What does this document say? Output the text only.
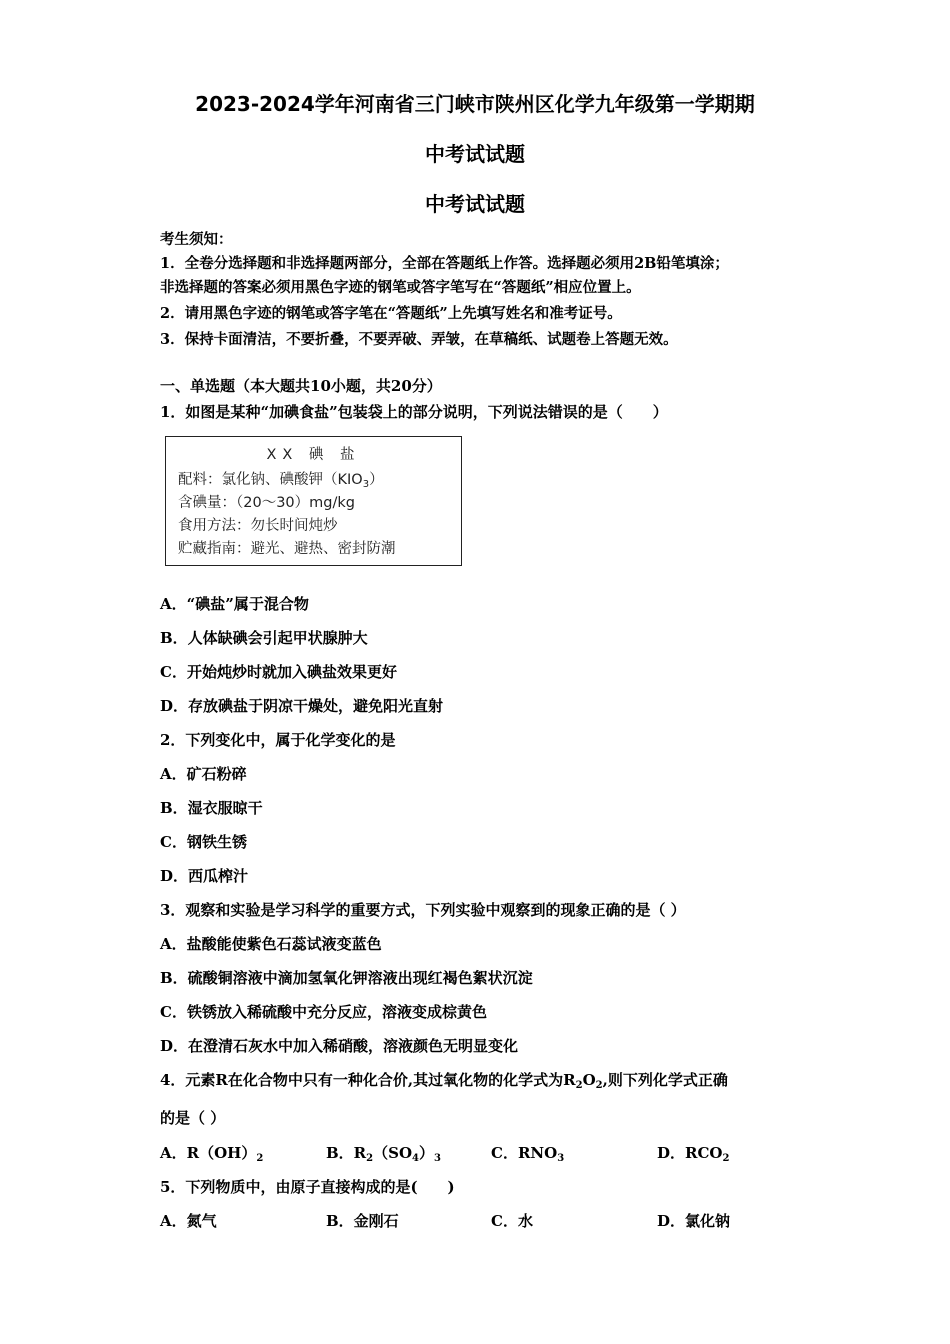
2023-2024学年河南省三门峡市陕州区化学九年级第一学期期
中考试试题
中考试试题
考生须知：
1．全卷分选择题和非选择题两部分，全部在答题纸上作答。选择题必须用2B铅笔填涂；
非选择题的答案必须用黑色字迹的钢笔或答字笔写在“答题纸”相应位置上。
2．请用黑色字迹的钢笔或答字笔在“答题纸”上先填写姓名和准考证号。
3．保持卡面清洁，不要折叠，不要弄破、弄皱，在草稿纸、试题卷上答题无效。
一、单选题（本大题共10小题，共20分）
1．如图是某种“加碘食盐”包装袋上的部分说明，下列说法错误的是（　　）
XX 碘 盐
配料：氯化钠、碘酸钾$(KIO_3)$
含碘量：（20～30）mg/kg
食用方法：勿长时间炖炒
贮藏指南：避光、避热、密封防潮
A．“碘盐”属于混合物
B．人体缺碘会引起甲状腺肿大
C．开始炖炒时就加入碘盐效果更好
D．存放碘盐于阴凉干燥处，避免阳光直射
2．下列变化中，属于化学变化的是
A．矿石粉碎
B．湿衣服晾干
C．钢铁生锈
D．西瓜榨汁
3．观察和实验是学习科学的重要方式，下列实验中观察到的现象正确的是（ ）
A．盐酸能使紫色石蕊试液变蓝色
B．硫酸铜溶液中滴加氢氧化钾溶液出现红褐色絮状沉淀
C．铁锈放入稀硫酸中充分反应，溶液变成棕黄色
D．在澄清石灰水中加入稀硝酸，溶液颜色无明显变化
4．元素R在化合物中只有一种化合价,其过氧化物的化学式为$R_2O_2$,则下列化学式正确
的是（ ）
A．$R(OH)_2$	B．$R_2(SO_4)_3$	C．$RNO_3$	D．$RCO_2$
5．下列物质中，由原子直接构成的是(　　)
A．氮气	B．金刚石	C．水	D．氯化钠
